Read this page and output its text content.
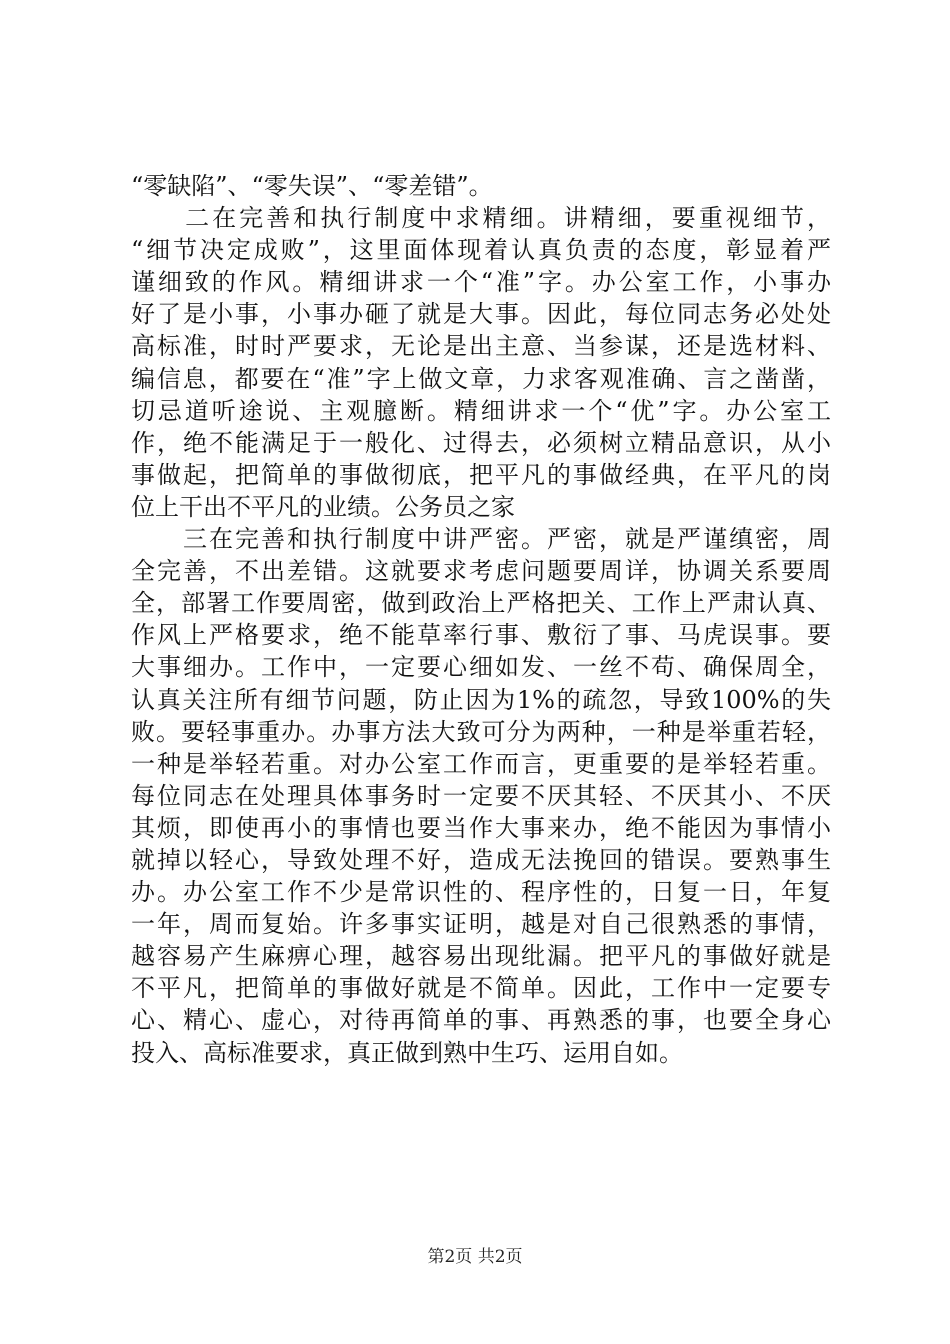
“零缺陷”、“零失误”、“零差错”。
　　二在完善和执行制度中求精细。讲精细，要重视细节，
“细节决定成败”，这里面体现着认真负责的态度，彰显着严
谨细致的作风。精细讲求一个“准”字。办公室工作，小事办
好了是小事，小事办砸了就是大事。因此，每位同志务必处处
高标准，时时严要求，无论是出主意、当参谋，还是选材料、
编信息，都要在“准”字上做文章，力求客观准确、言之凿凿，
切忌道听途说、主观臆断。精细讲求一个“优”字。办公室工
作，绝不能满足于一般化、过得去，必须树立精品意识，从小
事做起，把简单的事做彻底，把平凡的事做经典，在平凡的岗
位上干出不平凡的业绩。公务员之家
　　三在完善和执行制度中讲严密。严密，就是严谨缜密，周
全完善，不出差错。这就要求考虑问题要周详，协调关系要周
全，部署工作要周密，做到政治上严格把关、工作上严肃认真、
作风上严格要求，绝不能草率行事、敷衍了事、马虎误事。要
大事细办。工作中，一定要心细如发、一丝不苟、确保周全，
认真关注所有细节问题，防止因为1%的疏忽，导致100%的失
败。要轻事重办。办事方法大致可分为两种，一种是举重若轻，
一种是举轻若重。对办公室工作而言，更重要的是举轻若重。
每位同志在处理具体事务时一定要不厌其轻、不厌其小、不厌
其烦，即使再小的事情也要当作大事来办，绝不能因为事情小
就掉以轻心，导致处理不好，造成无法挽回的错误。要熟事生
办。办公室工作不少是常识性的、程序性的，日复一日，年复
一年，周而复始。许多事实证明，越是对自己很熟悉的事情，
越容易产生麻痹心理，越容易出现纰漏。把平凡的事做好就是
不平凡，把简单的事做好就是不简单。因此，工作中一定要专
心、精心、虚心，对待再简单的事、再熟悉的事，也要全身心
投入、高标准要求，真正做到熟中生巧、运用自如。
第2页 共2页
